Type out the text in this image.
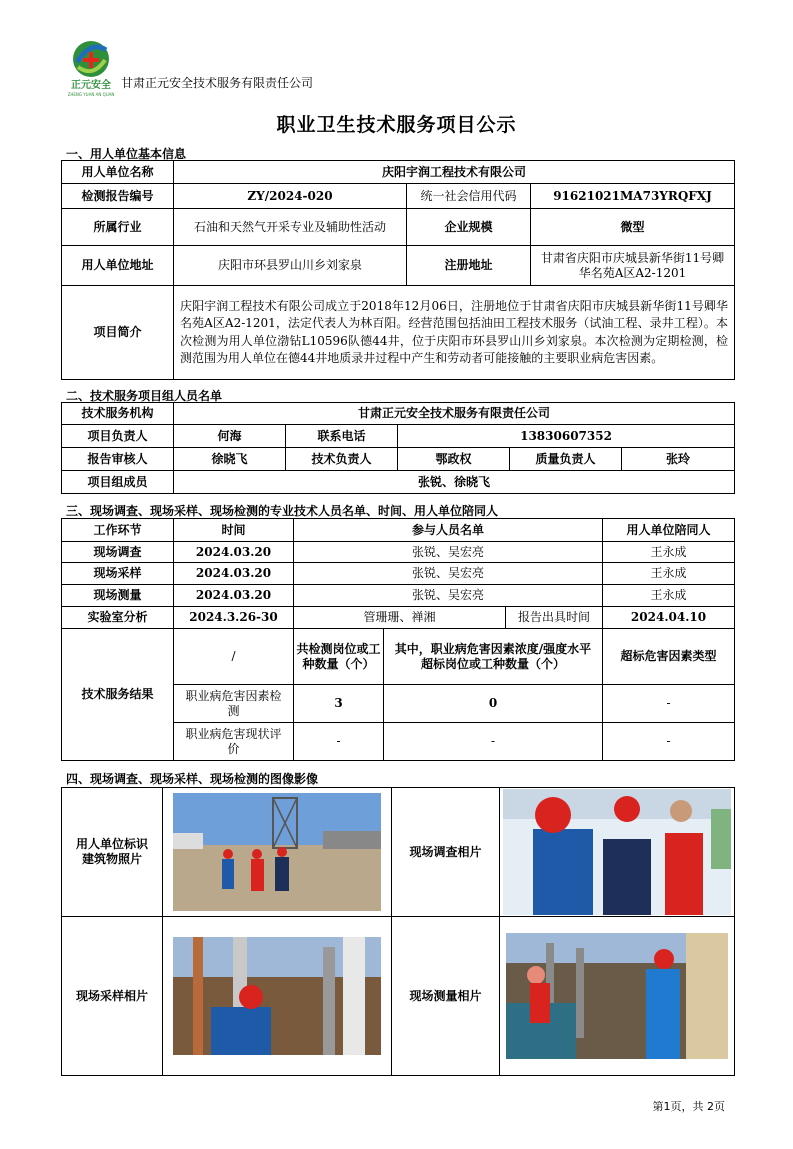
正元安全
ZHENG YUAN AN QUAN
甘肃正元安全技术服务有限责任公司
职业卫生技术服务项目公示
一、用人单位基本信息
用人单位名称	庆阳宇润工程技术有限公司		
检测报告编号	ZY/2024-020	统一社会信用代码	91621021MA73YRQFXJ
所属行业	石油和天然气开采专业及辅助性活动	企业规模	微型
用人单位地址	庆阳市环县罗山川乡刘家泉	注册地址	甘肃省庆阳市庆城县新华街11号卿华名苑A区A2-1201
项目简介	庆阳宇润工程技术有限公司成立于2018年12月06日，注册地位于甘肃省庆阳市庆城县新华街11号卿华名苑A区A2-1201，法定代表人为林百阳。经营范围包括油田工程技术服务（试油工程、录井工程）。本次检测为用人单位渤钻L10596队德44井，位于庆阳市环县罗山川乡刘家泉。本次检测为定期检测，检测范围为用人单位在德44井地质录井过程中产生和劳动者可能接触的主要职业病危害因素。		
二、技术服务项目组人员名单
技术服务机构	甘肃正元安全技术服务有限责任公司				
项目负责人	何海	联系电话	13830607352		
报告审核人	徐晓飞	技术负责人	鄂政权	质量负责人	张玲
项目组成员	张锐、徐晓飞				
三、现场调查、现场采样、现场检测的专业技术人员名单、时间、用人单位陪同人
工作环节	时间	参与人员名单			用人单位陪同人
现场调查	2024.03.20	张锐、吴宏亮			王永成
现场采样	2024.03.20	张锐、吴宏亮			王永成
现场测量	2024.03.20	张锐、吴宏亮			王永成
实验室分析	2024.3.26-30	管珊珊、禅湘		报告出具时间	2024.04.10
技术服务结果	/	共检测岗位或工种数量（个）	其中，职业病危害因素浓度/强度水平超标岗位或工种数量（个）		超标危害因素类型
	职业病危害因素检测	3	0		-
	职业病危害现状评价	-	-		-
四、现场调查、现场采样、现场检测的图像影像
用人单位标识建筑物照片		现场调查相片	

现场采样相片		现场测量相片	
第1页，共 2页
